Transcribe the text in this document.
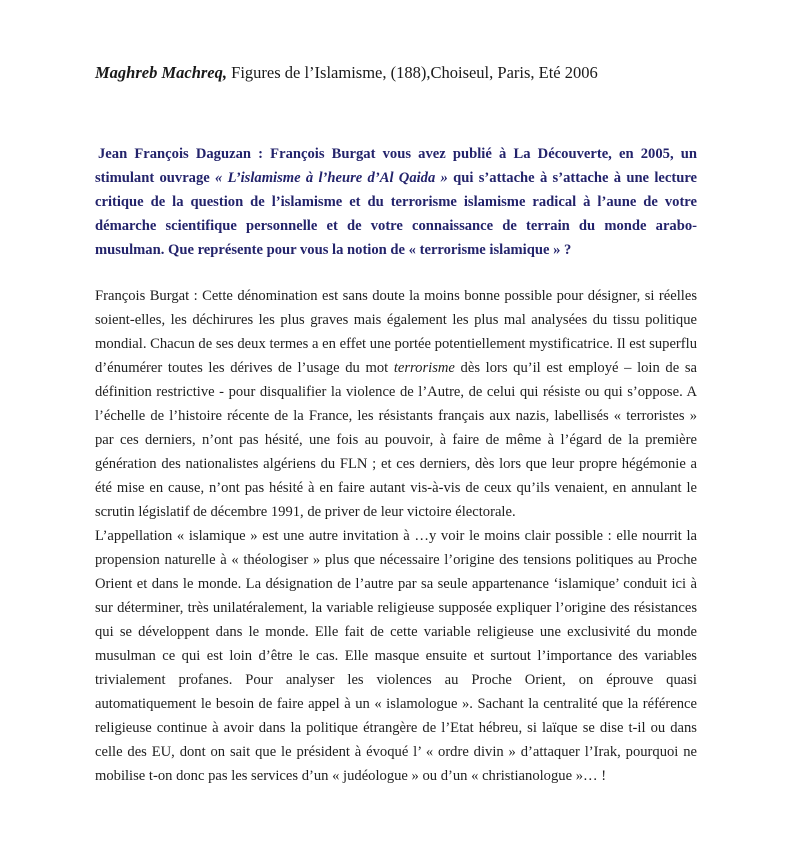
Maghreb Machreq, Figures de l’Islamisme, (188),Choiseul, Paris, Eté 2006
Jean François Daguzan : François Burgat vous avez publié à La Découverte, en 2005, un stimulant ouvrage « L’islamisme à l’heure d’Al Qaida » qui s’attache à s’attache à une lecture critique de la question de l’islamisme et du terrorisme islamisme radical à l’aune de votre démarche scientifique personnelle et de votre connaissance de terrain du monde arabo-musulman. Que représente pour vous la notion de « terrorisme islamique » ?

François Burgat : Cette dénomination est sans doute la moins bonne possible pour désigner, si réelles soient-elles, les déchirures les plus graves mais également les plus mal analysées du tissu politique mondial. Chacun de ses deux termes a en effet une portée potentiellement mystificatrice. Il est superflu d’énumérer toutes les dérives de l’usage du mot terrorisme dès lors qu’il est employé – loin de sa définition restrictive - pour disqualifier la violence de l’Autre, de celui qui résiste ou qui s’oppose. A l’échelle de l’histoire récente de la France, les résistants français aux nazis, labellisés « terroristes » par ces derniers, n’ont pas hésité, une fois au pouvoir, à faire de même à l’égard de la première génération des nationalistes algériens du FLN ; et ces derniers, dès lors que leur propre hégémonie a été mise en cause, n’ont pas hésité à en faire autant vis-à-vis de ceux qu’ils venaient, en annulant le scrutin législatif de décembre 1991, de priver de leur victoire électorale.

L’appellation « islamique » est une autre invitation à …y voir le moins clair possible : elle nourrit la propension naturelle à « théologiser » plus que nécessaire l’origine des tensions politiques au Proche Orient et dans le monde. La désignation de l’autre par sa seule appartenance ‘islamique’ conduit ici à sur déterminer, très unilatéralement, la variable religieuse supposée expliquer l’origine des résistances qui se développent dans le monde. Elle fait de cette variable religieuse une exclusivité du monde musulman ce qui est loin d’être le cas. Elle masque ensuite et surtout l’importance des variables trivialement profanes. Pour analyser les violences au Proche Orient, on éprouve quasi automatiquement le besoin de faire appel à un « islamologue ». Sachant la centralité que la référence religieuse continue à avoir dans la politique étrangère de l’Etat hébreu, si laïque se dise t-il ou dans celle des EU, dont on sait que le président à évoqué l’ « ordre divin » d’attaquer l’Irak, pourquoi ne mobilise t-on donc pas les services d’un « judéologue » ou d’un « christianologue »… !
